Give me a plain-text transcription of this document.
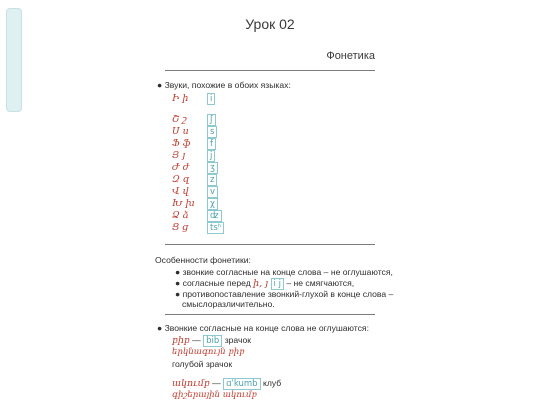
Урок 02
Фонетика
● Звуки, похожие в обоих языках:
Ի ի	i
Շ շ	ʃ
Ս ս	s
Ֆ ֆ	f
Յ յ	j
Ժ ժ	ʒ
Զ զ	z
Վ վ	v
Խ խ	χ
Ձ ձ	ʣ
Ց ց	tsʰ
Особенности фонетики:
● звонкие согласные на конце слова – не оглушаются,
● согласные перед ի, յ i j – не смягчаются,
● противопоставление звонкий-глухой в конце слова –
смыслоразличительно.
● Звонкие согласные на конце слова не оглушаются:
բիբ — bib зрачок
երկնագույն բիբ
голубой зрачок
ակումբ — ɑˈkumb клуб
գիշերային ակումբ
